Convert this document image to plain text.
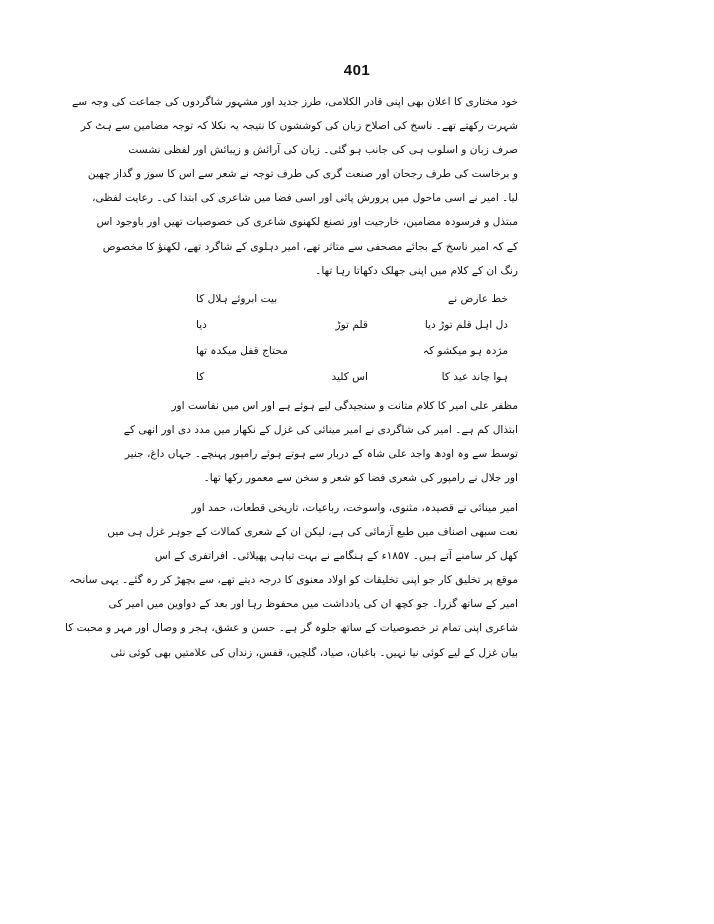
401
خود مختاری کا اعلان بھی اپنی قادر الکلامی، طرز جدید اور مشہور شاگردوں کی جماعت کی وجہ سے
شہرت رکھتے تھے۔ ناسخ کی اصلاح زبان کی کوششوں کا نتیجہ یہ نکلا کہ توجہ مضامین سے ہٹ کر
صرف زبان و اسلوب ہی کی جانب ہو گئی۔ زبان کی آرائش و زیبائش اور لفظی نشست
و برخاست کی طرف رجحان اور صنعت گری کی طرف توجہ نے شعر سے اس کا سوز و گداز چھین
لیا۔ امیر نے اسی ماحول میں پرورش پائی اور اسی فضا میں شاعری کی ابتدا کی۔ رعایت لفظی،
مبتذل و فرسودہ مضامین، خارجیت اور تصنع لکھنوی شاعری کی خصوصیات تھیں اور باوجود اس
کے کہ امیر ناسخ کے بجائے مصحفی سے متاثر تھے، امیر دہلوی کے شاگرد تھے، لکھنؤ کا مخصوص
رنگ ان کے کلام میں اپنی جھلک دکھاتا رہا تھا۔
خط عارض نے
بیت ابروئے ہلال کا
دل اہل قلم توڑ دیا
قلم توڑ
دیا
مژدہ ہو میکشو کہ
محتاج قفل میکدہ تھا
ہوا چاند عید کا
اس کلید
کا
مظفر علی امیر کا کلام متانت و سنجیدگی لیے ہوئے ہے اور اس میں نفاست اور
ابتذال کم ہے۔ امیر کی شاگردی نے امیر مینائی کی غزل کے نکھار میں مدد دی اور انھی کے
توسط سے وہ اودھ واجد علی شاہ کے دربار سے ہوتے ہوئے رامپور پہنچے۔ جہاں داغ، جنیر
اور جلال نے رامپور کی شعری فضا کو شعر و سخن سے معمور رکھا تھا۔
امیر مینائی نے قصیدہ، مثنوی، واسوخت، رباعیات، تاریخی قطعات، حمد اور
نعت سبھی اصناف میں طبع آزمائی کی ہے، لیکن ان کے شعری کمالات کے جوہر غزل ہی میں
کھل کر سامنے آتے ہیں۔ ۱۸۵۷ء کے ہنگامے نے بہت تباہی پھیلائی۔ افراتفری کے اس
موقع پر تخلیق کار جو اپنی تخلیقات کو اولاد معنوی کا درجہ دیتے تھے، سے بچھڑ کر رہ گئے۔ یہی سانحہ
امیر کے ساتھ گزرا۔ جو کچھ ان کی یادداشت میں محفوظ رہا اور بعد کے دواوین میں امیر کی
شاعری اپنی تمام تر خصوصیات کے ساتھ جلوہ گر ہے۔ حسن و عشق، ہجر و وصال اور مہر و محبت کا
بیان غزل کے لیے کوئی نیا نہیں۔ باغبان، صیاد، گلچیں، قفس، زنداں کی علامتیں بھی کوئی نئی
